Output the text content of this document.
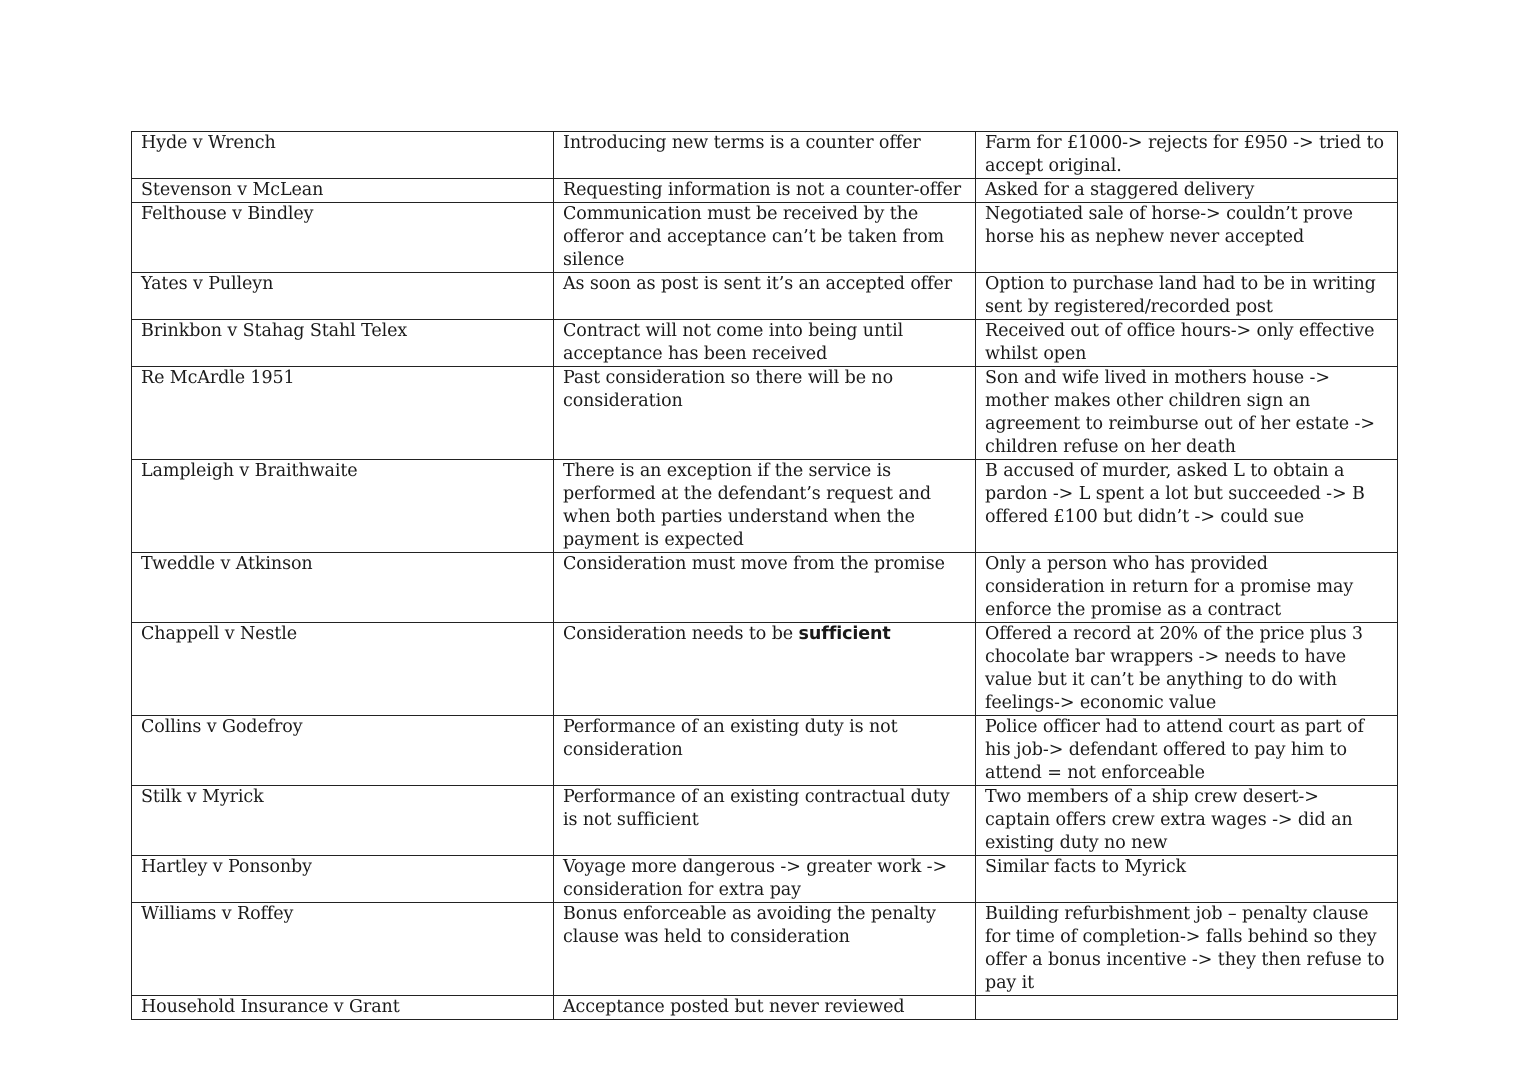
Hyde v Wrench	Introducing new terms is a counter offer	Farm for £1000-> rejects for £950 -> tried to accept original.
Stevenson v McLean	Requesting information is not a counter-offer	Asked for a staggered delivery
Felthouse v Bindley	Communication must be received by the offeror and acceptance can’t be taken from silence	Negotiated sale of horse-> couldn’t prove horse his as nephew never accepted
Yates v Pulleyn	As soon as post is sent it’s an accepted offer	Option to purchase land had to be in writing sent by registered/recorded post
Brinkbon v Stahag Stahl Telex	Contract will not come into being until acceptance has been received	Received out of office hours-> only effective whilst open
Re McArdle 1951	Past consideration so there will be no consideration	Son and wife lived in mothers house -> mother makes other children sign an agreement to reimburse out of her estate -> children refuse on her death
Lampleigh v Braithwaite	There is an exception if the service is performed at the defendant’s request and when both parties understand when the payment is expected	B accused of murder, asked L to obtain a pardon -> L spent a lot but succeeded -> B offered £100 but didn’t -> could sue
Tweddle v Atkinson	Consideration must move from the promise	Only a person who has provided consideration in return for a promise may enforce the promise as a contract
Chappell v Nestle	Consideration needs to be sufficient	Offered a record at 20% of the price plus 3 chocolate bar wrappers -> needs to have value but it can’t be anything to do with feelings-> economic value
Collins v Godefroy	Performance of an existing duty is not consideration	Police officer had to attend court as part of his job-> defendant offered to pay him to attend = not enforceable
Stilk v Myrick	Performance of an existing contractual duty is not sufficient	Two members of a ship crew desert-> captain offers crew extra wages -> did an existing duty no new
Hartley v Ponsonby	Voyage more dangerous -> greater work -> consideration for extra pay	Similar facts to Myrick
Williams v Roffey	Bonus enforceable as avoiding the penalty clause was held to consideration	Building refurbishment job – penalty clause for time of completion-> falls behind so they offer a bonus incentive -> they then refuse to pay it
Household Insurance v Grant	Acceptance posted but never reviewed	
